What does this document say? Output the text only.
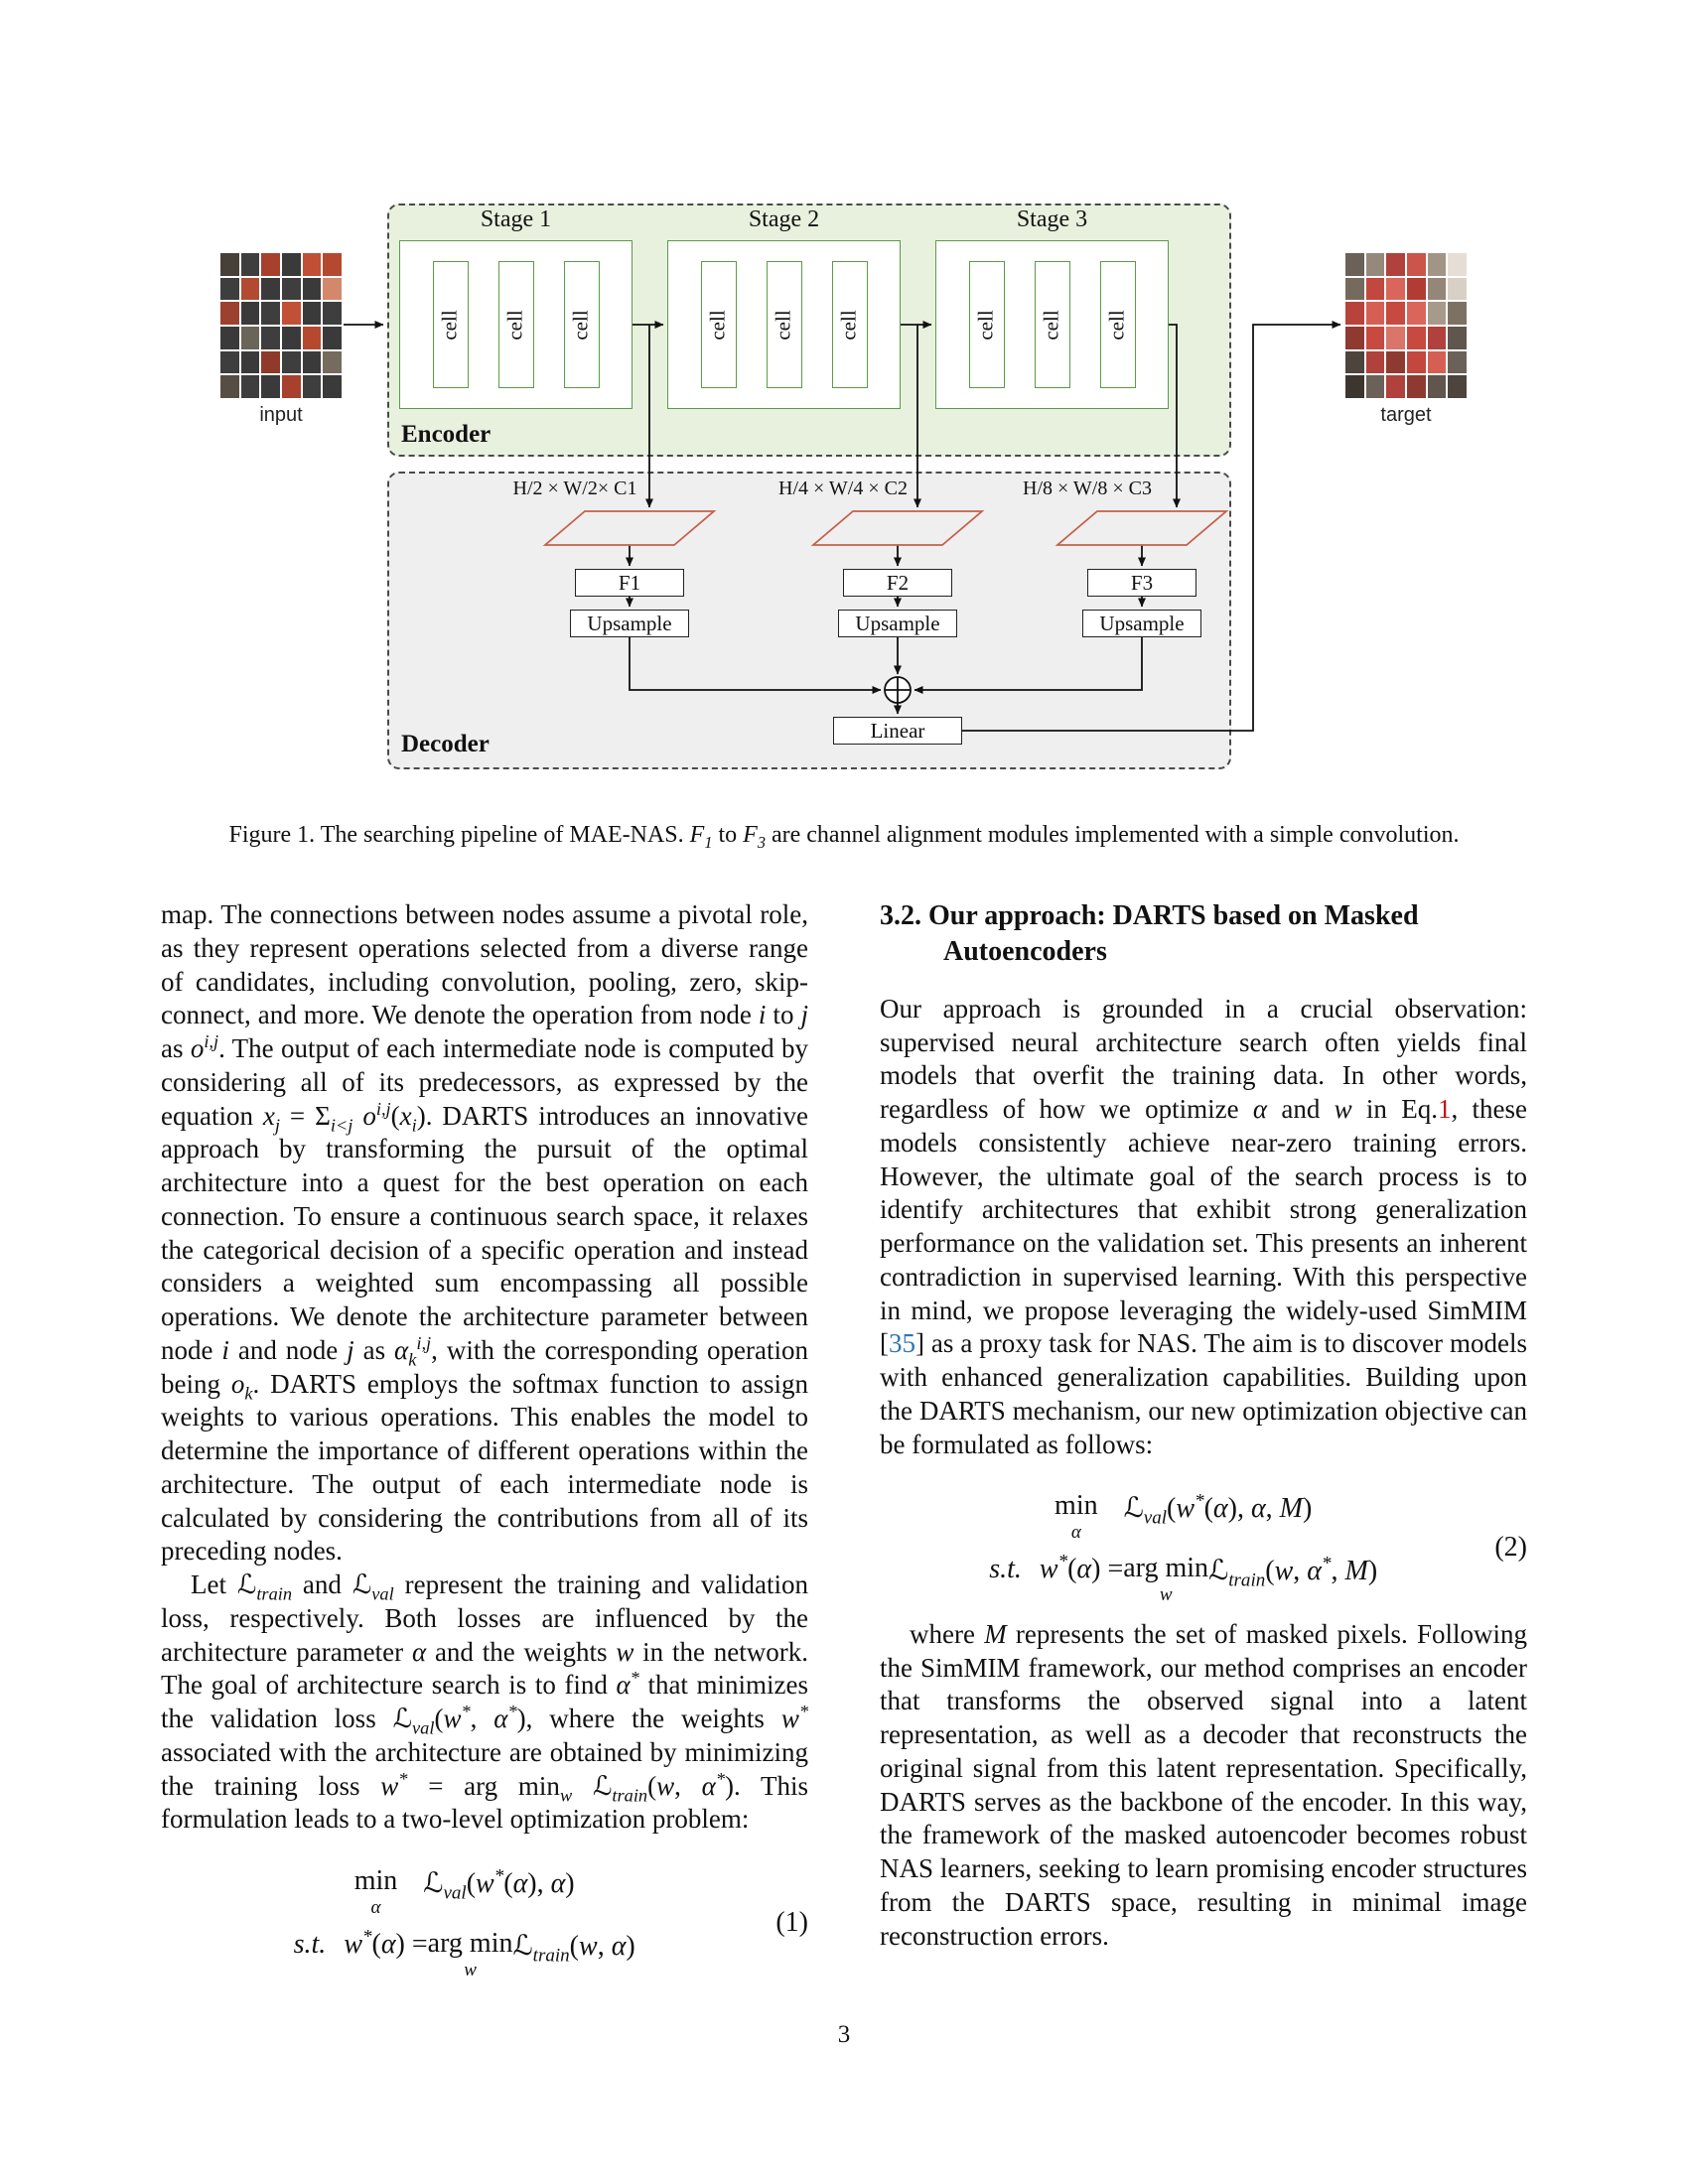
input	target
Stage 1	Stage 2	Stage 3
cell cell cell	cell cell cell	cell cell cell
Encoder
Decoder
H/2 × W/2× C1	H/4 × W/4 × C2	H/8 × W/8 × C3
F1	F2	F3
Upsample	Upsample	Upsample
Linear
Figure 1. The searching pipeline of MAE-NAS. $F_1$ to $F_3$ are channel alignment modules implemented with a simple convolution.

map. The connections between nodes assume a pivotal role, as they represent operations selected from a diverse range of candidates, including convolution, pooling, zero, skip-connect, and more. We denote the operation from node i to j as $o^{i,j}$. The output of each intermediate node is computed by considering all of its predecessors, as expressed by the equation $x_j = \Sigma_{i<j}$ $o^{i,j}(x_i)$. DARTS introduces an innovative approach by transforming the pursuit of the optimal architecture into a quest for the best operation on each connection. To ensure a continuous search space, it relaxes the categorical decision of a specific operation and instead considers a weighted sum encompassing all possible operations. We denote the architecture parameter between node i and node j as $\alpha_k^{i,j}$, with the corresponding operation being $o_k$. DARTS employs the softmax function to assign weights to various operations. This enables the model to determine the importance of different operations within the architecture. The output of each intermediate node is calculated by considering the contributions from all of its preceding nodes.

Let ℒ$_{train}$ and ℒ$_{val}$ represent the training and validation loss, respectively. Both losses are influenced by the architecture parameter α and the weights w in the network. The goal of architecture search is to find α* that minimizes the validation loss ℒ$_{val}$(w*, α*), where the weights w* associated with the architecture are obtained by minimizing the training loss w* = arg $\min_w$ ℒ$_{train}$(w, α*). This formulation leads to a two-level optimization problem:

min
α
ℒ$_{val}$(w*(α), α)
s.t. w*(α) = arg min
w
ℒ$_{train}$(w, α)
(1)
3.2. Our approach: DARTS based on Masked Autoencoders

Our approach is grounded in a crucial observation: supervised neural architecture search often yields final models that overfit the training data. In other words, regardless of how we optimize α and w in Eq.1, these models consistently achieve near-zero training errors. However, the ultimate goal of the search process is to identify architectures that exhibit strong generalization performance on the validation set. This presents an inherent contradiction in supervised learning. With this perspective in mind, we propose leveraging the widely-used SimMIM [35] as a proxy task for NAS. The aim is to discover models with enhanced generalization capabilities. Building upon the DARTS mechanism, our new optimization objective can be formulated as follows:

min
α
ℒ$_{val}$(w*(α), α, M)
s.t. w*(α) = arg min
w
ℒ$_{train}$(w, α*, M)
(2)

where M represents the set of masked pixels. Following the SimMIM framework, our method comprises an encoder that transforms the observed signal into a latent representation, as well as a decoder that reconstructs the original signal from this latent representation. Specifically, DARTS serves as the backbone of the encoder. In this way, the framework of the masked autoencoder becomes robust NAS learners, seeking to learn promising encoder structures from the DARTS space, resulting in minimal image reconstruction errors.

3
